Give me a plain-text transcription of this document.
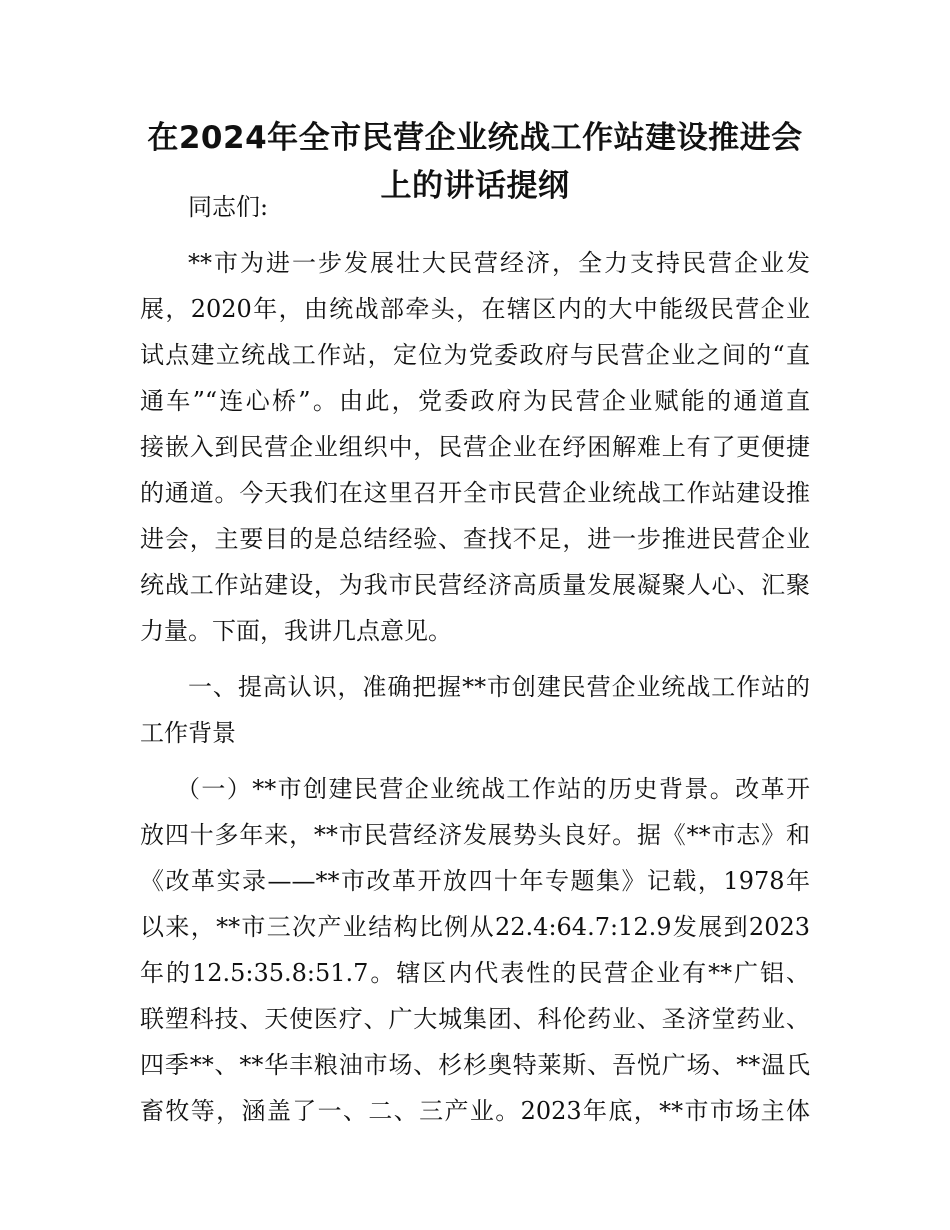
在2024年全市民营企业统战工作站建设推进会
上的讲话提纲

同志们:

**市为进一步发展壮大民营经济，全力支持民营企业发
展，2020年，由统战部牵头，在辖区内的大中能级民营企业
试点建立统战工作站，定位为党委政府与民营企业之间的“直
通车”“连心桥”。由此，党委政府为民营企业赋能的通道直
接嵌入到民营企业组织中，民营企业在纾困解难上有了更便捷
的通道。今天我们在这里召开全市民营企业统战工作站建设推
进会，主要目的是总结经验、查找不足，进一步推进民营企业
统战工作站建设，为我市民营经济高质量发展凝聚人心、汇聚
力量。下面，我讲几点意见。

一、提高认识，准确把握**市创建民营企业统战工作站的
工作背景

（一）**市创建民营企业统战工作站的历史背景。改革开
放四十多年来，**市民营经济发展势头良好。据《**市志》和
《改革实录——**市改革开放四十年专题集》记载，1978年
以来，**市三次产业结构比例从22.4:64.7:12.9发展到2023
年的12.5:35.8:51.7。辖区内代表性的民营企业有**广铝、
联塑科技、天使医疗、广大城集团、科伦药业、圣济堂药业、
四季**、**华丰粮油市场、杉杉奥特莱斯、吾悦广场、**温氏
畜牧等，涵盖了一、二、三产业。2023年底，**市市场主体
